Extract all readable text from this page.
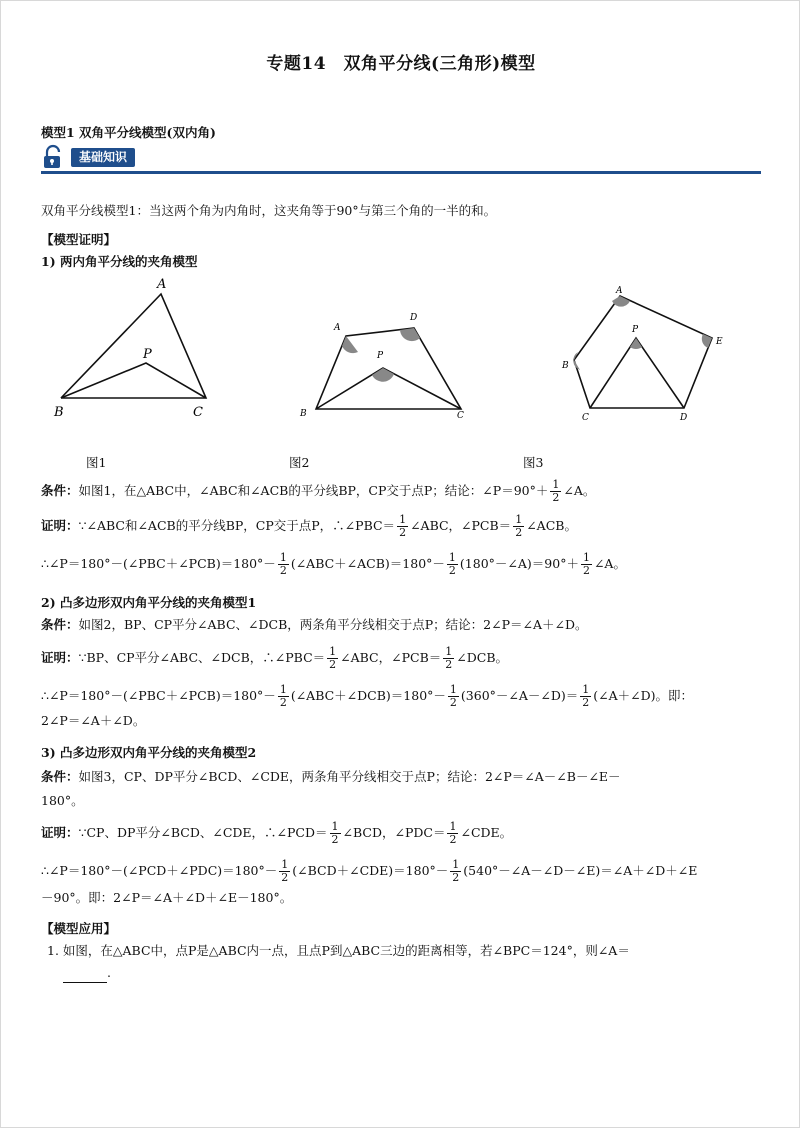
专题14　双角平分线(三角形)模型
模型1 双角平分线模型(双内角)
基础知识
双角平分线模型1：当这两个角为内角时，这夹角等于90°与第三个角的一半的和。
【模型证明】
1) 两内角平分线的夹角模型
A
P
B	C
A
D
P
B	C
A
P
E
B
C	D
图1	图2	图3
条件：如图1，在△ABC中，∠ABC和∠ACB的平分线BP，CP交于点P；结论：∠P＝90°＋ $\frac{1}{2}$ ∠A。
证明：∵∠ABC和∠ACB的平分线BP，CP交于点P，∴∠PBC＝ $\frac{1}{2}$ ∠ABC，∠PCB＝ $\frac{1}{2}$ ∠ACB。
∴∠P＝180°－(∠PBC＋∠PCB)＝180°－ $\frac{1}{2}$ (∠ABC＋∠ACB)＝180°－ $\frac{1}{2}$ (180°－∠A)＝90°＋ $\frac{1}{2}$ ∠A。
2) 凸多边形双内角平分线的夹角模型1
条件：如图2，BP、CP平分∠ABC、∠DCB，两条角平分线相交于点P；结论：2∠P＝∠A＋∠D。
证明：∵BP、CP平分∠ABC、∠DCB，∴∠PBC＝ $\frac{1}{2}$ ∠ABC，∠PCB＝ $\frac{1}{2}$ ∠DCB。
∴∠P＝180°－(∠PBC＋∠PCB)＝180°－ $\frac{1}{2}$ (∠ABC＋∠DCB)＝180°－ $\frac{1}{2}$ (360°－∠A－∠D)＝ $\frac{1}{2}$ (∠A＋∠D)。即：
2∠P＝∠A＋∠D。
3) 凸多边形双内角平分线的夹角模型2
条件：如图3，CP、DP平分∠BCD、∠CDE，两条角平分线相交于点P；结论：2∠P＝∠A－∠B－∠E－
180°。
证明：∵CP、DP平分∠BCD、∠CDE，∴∠PCD＝ $\frac{1}{2}$ ∠BCD，∠PDC＝ $\frac{1}{2}$ ∠CDE。
∴∠P＝180°－(∠PCD＋∠PDC)＝180°－ $\frac{1}{2}$ (∠BCD＋∠CDE)＝180°－ $\frac{1}{2}$ (540°－∠A－∠D－∠E)＝∠A＋∠D＋∠E
－90°。即：2∠P＝∠A＋∠D＋∠E－180°。
【模型应用】
1. 如图，在△ABC中，点P是△ABC内一点，且点P到△ABC三边的距离相等，若∠BPC＝124°，则∠A＝
.
